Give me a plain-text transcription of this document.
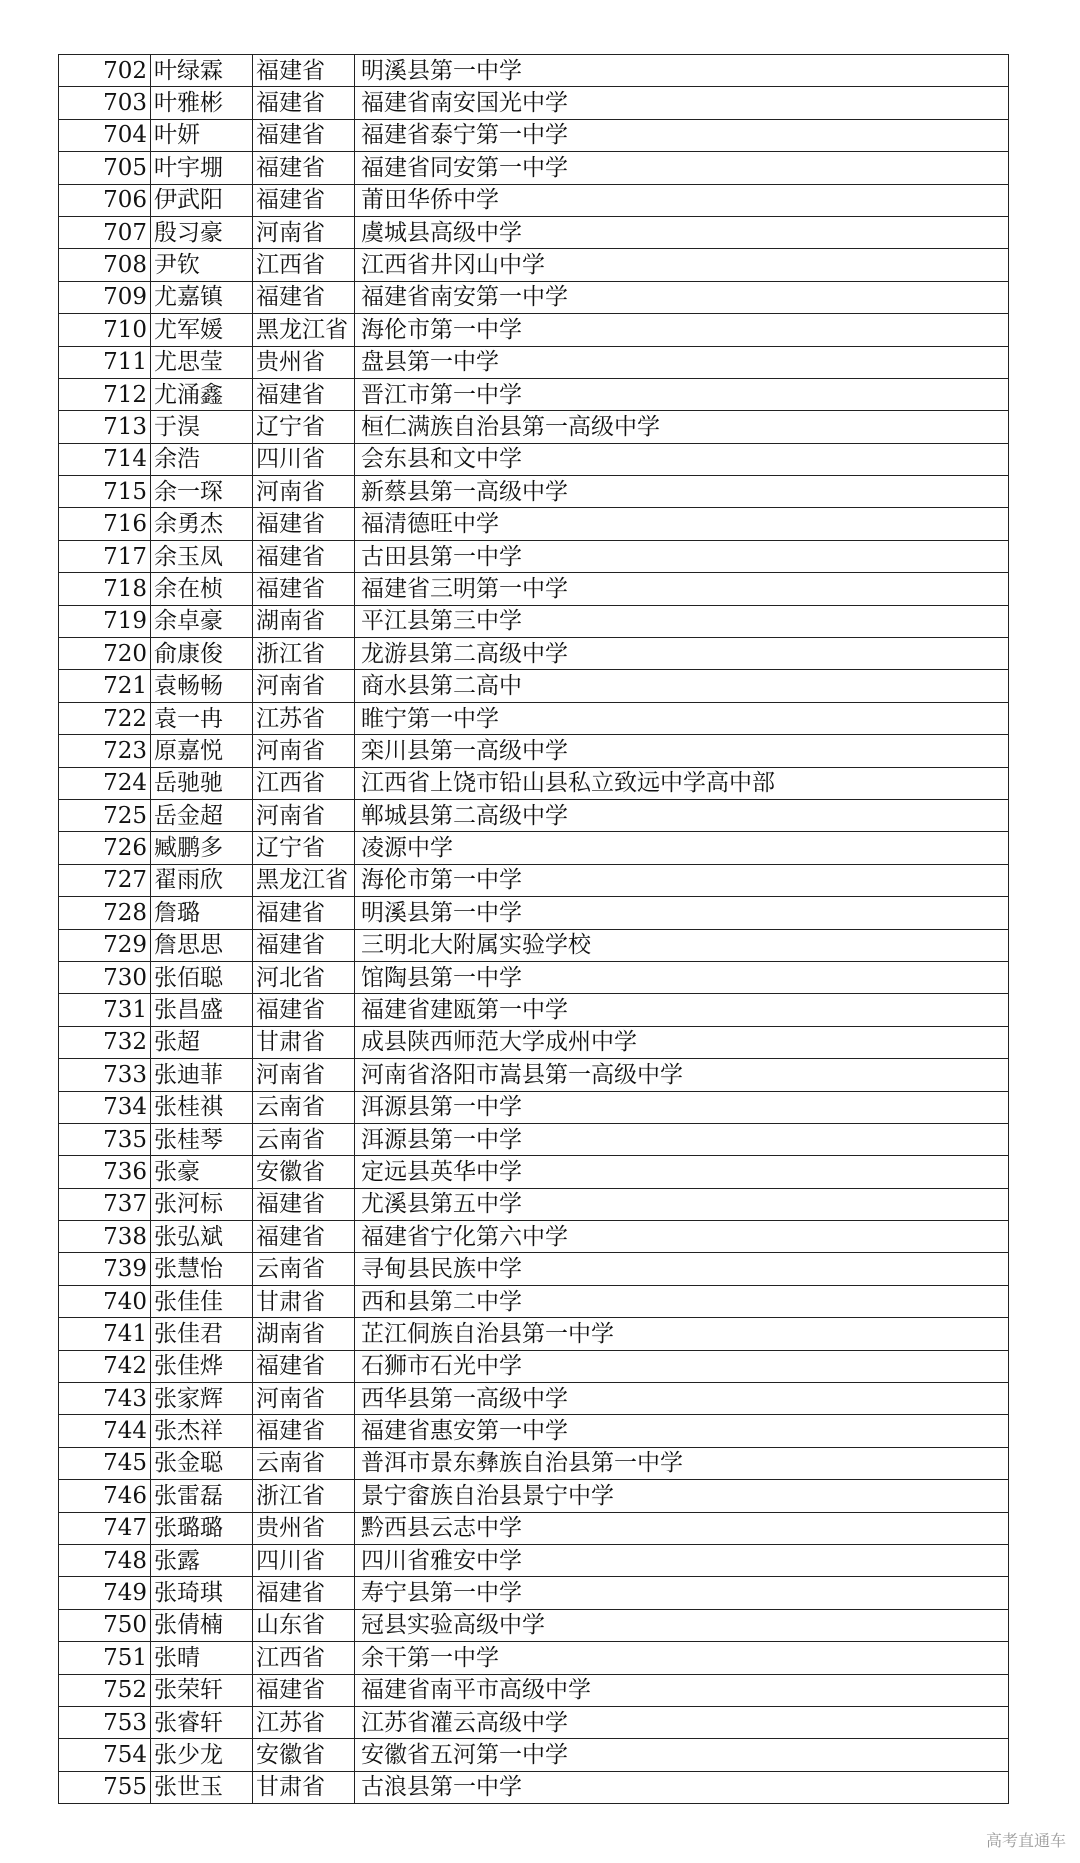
702	叶绿霖	福建省	明溪县第一中学
703	叶雅彬	福建省	福建省南安国光中学
704	叶妍	福建省	福建省泰宁第一中学
705	叶宇堋	福建省	福建省同安第一中学
706	伊武阳	福建省	莆田华侨中学
707	殷习豪	河南省	虞城县高级中学
708	尹钦	江西省	江西省井冈山中学
709	尤嘉镇	福建省	福建省南安第一中学
710	尤军媛	黑龙江省	海伦市第一中学
711	尤思莹	贵州省	盘县第一中学
712	尤涌鑫	福建省	晋江市第一中学
713	于淏	辽宁省	桓仁满族自治县第一高级中学
714	余浩	四川省	会东县和文中学
715	余一琛	河南省	新蔡县第一高级中学
716	余勇杰	福建省	福清德旺中学
717	余玉凤	福建省	古田县第一中学
718	余在桢	福建省	福建省三明第一中学
719	余卓豪	湖南省	平江县第三中学
720	俞康俊	浙江省	龙游县第二高级中学
721	袁畅畅	河南省	商水县第二高中
722	袁一冉	江苏省	睢宁第一中学
723	原嘉悦	河南省	栾川县第一高级中学
724	岳驰驰	江西省	江西省上饶市铅山县私立致远中学高中部
725	岳金超	河南省	郸城县第二高级中学
726	臧鹏多	辽宁省	凌源中学
727	翟雨欣	黑龙江省	海伦市第一中学
728	詹璐	福建省	明溪县第一中学
729	詹思思	福建省	三明北大附属实验学校
730	张佰聪	河北省	馆陶县第一中学
731	张昌盛	福建省	福建省建瓯第一中学
732	张超	甘肃省	成县陕西师范大学成州中学
733	张迪菲	河南省	河南省洛阳市嵩县第一高级中学
734	张桂祺	云南省	洱源县第一中学
735	张桂琴	云南省	洱源县第一中学
736	张豪	安徽省	定远县英华中学
737	张河标	福建省	尤溪县第五中学
738	张弘斌	福建省	福建省宁化第六中学
739	张慧怡	云南省	寻甸县民族中学
740	张佳佳	甘肃省	西和县第二中学
741	张佳君	湖南省	芷江侗族自治县第一中学
742	张佳烨	福建省	石狮市石光中学
743	张家辉	河南省	西华县第一高级中学
744	张杰祥	福建省	福建省惠安第一中学
745	张金聪	云南省	普洱市景东彝族自治县第一中学
746	张雷磊	浙江省	景宁畲族自治县景宁中学
747	张璐璐	贵州省	黔西县云志中学
748	张露	四川省	四川省雅安中学
749	张琦琪	福建省	寿宁县第一中学
750	张倩楠	山东省	冠县实验高级中学
751	张晴	江西省	余干第一中学
752	张荣轩	福建省	福建省南平市高级中学
753	张睿轩	江苏省	江苏省灌云高级中学
754	张少龙	安徽省	安徽省五河第一中学
755	张世玉	甘肃省	古浪县第一中学
高考直通车
